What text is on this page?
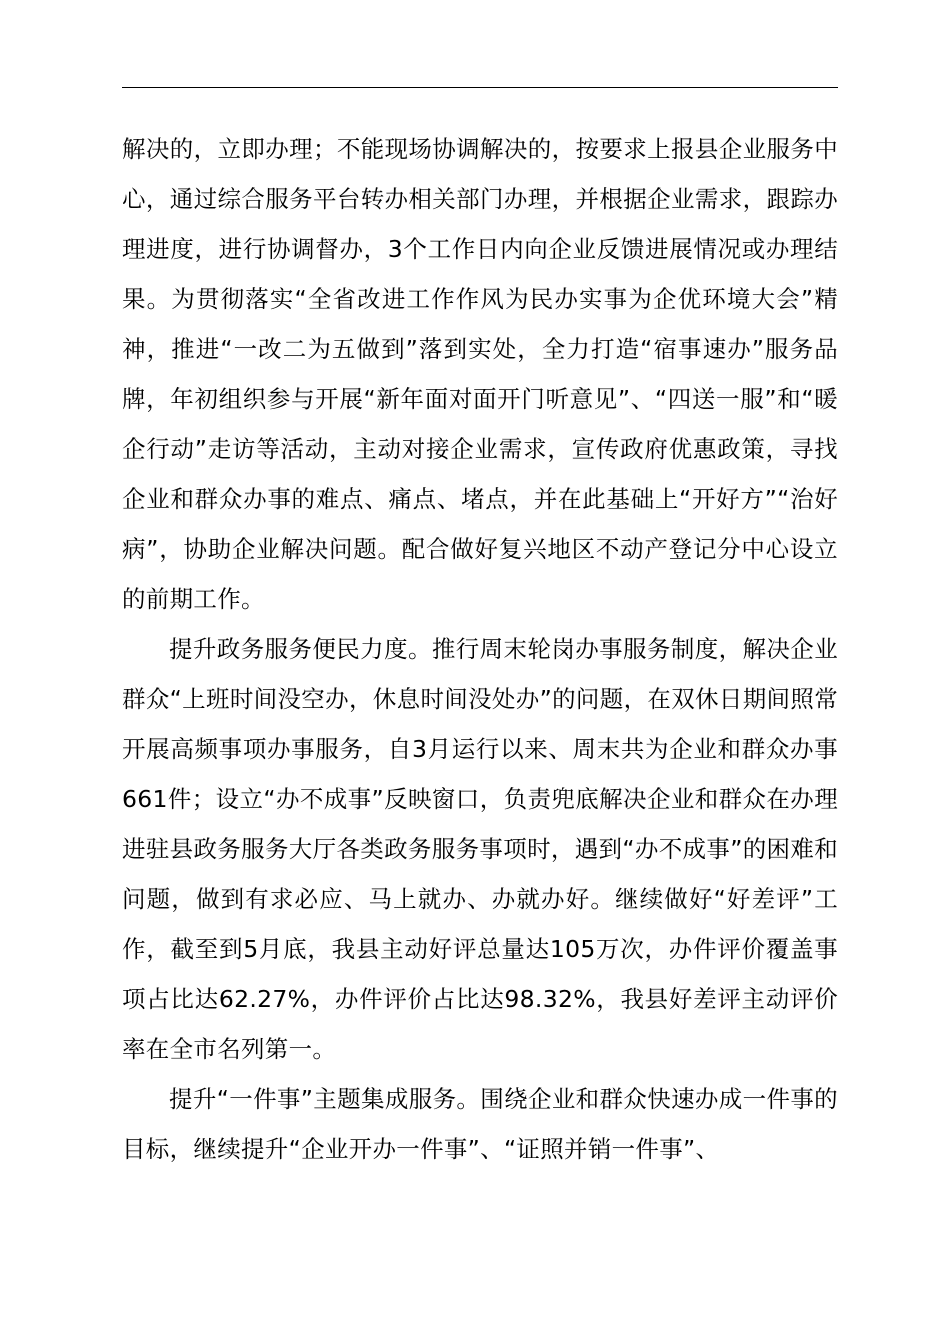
解决的，立即办理；不能现场协调解决的，按要求上报县企业服务中心，通过综合服务平台转办相关部门办理，并根据企业需求，跟踪办理进度，进行协调督办，3个工作日内向企业反馈进展情况或办理结果。为贯彻落实“全省改进工作作风为民办实事为企优环境大会”精神，推进“一改二为五做到”落到实处，全力打造“宿事速办”服务品牌，年初组织参与开展“新年面对面开门听意见”、“四送一服”和“暖企行动”走访等活动，主动对接企业需求，宣传政府优惠政策，寻找企业和群众办事的难点、痛点、堵点，并在此基础上“开好方”“治好病”，协助企业解决问题。配合做好复兴地区不动产登记分中心设立的前期工作。

提升政务服务便民力度。推行周末轮岗办事服务制度，解决企业群众“上班时间没空办，休息时间没处办”的问题，在双休日期间照常开展高频事项办事服务，自3月运行以来、周末共为企业和群众办事661件；设立“办不成事”反映窗口，负责兜底解决企业和群众在办理进驻县政务服务大厅各类政务服务事项时，遇到“办不成事”的困难和问题，做到有求必应、马上就办、办就办好。继续做好“好差评”工作，截至到5月底，我县主动好评总量达105万次，办件评价覆盖事项占比达62.27%，办件评价占比达98.32%，我县好差评主动评价率在全市名列第一。

提升“一件事”主题集成服务。围绕企业和群众快速办成一件事的目标，继续提升“企业开办一件事”、“证照并销一件事”、
